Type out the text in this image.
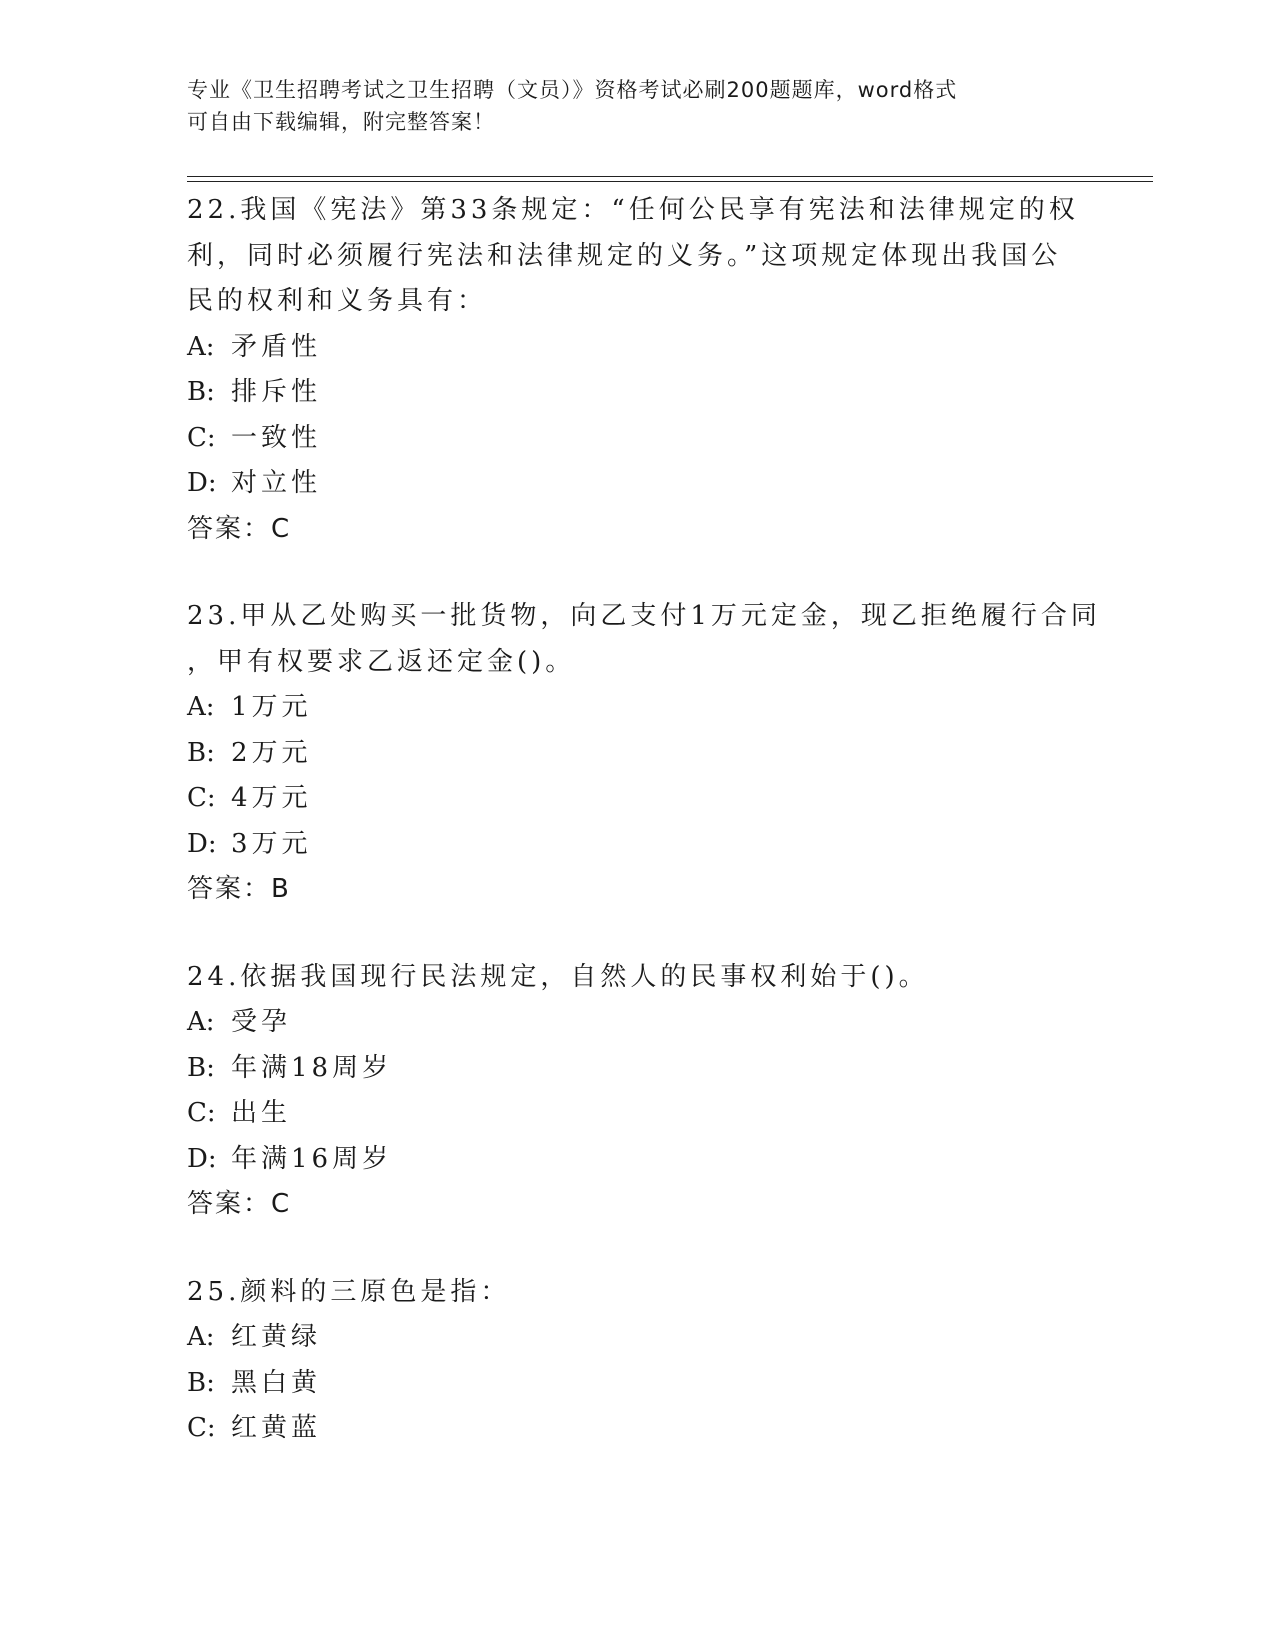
专业《卫生招聘考试之卫生招聘（文员）》资格考试必刷200题题库，word格式
可自由下载编辑，附完整答案！
22.我国《宪法》第33条规定：“任何公民享有宪法和法律规定的权
利，同时必须履行宪法和法律规定的义务。”这项规定体现出我国公
民的权利和义务具有：
A: 矛盾性
B: 排斥性
C: 一致性
D: 对立性
答案：C
23.甲从乙处购买一批货物，向乙支付1万元定金，现乙拒绝履行合同
，甲有权要求乙返还定金()。
A: 1万元
B: 2万元
C: 4万元
D: 3万元
答案：B
24.依据我国现行民法规定，自然人的民事权利始于()。
A: 受孕
B: 年满18周岁
C: 出生
D: 年满16周岁
答案：C
25.颜料的三原色是指：
A: 红黄绿
B: 黑白黄
C: 红黄蓝
